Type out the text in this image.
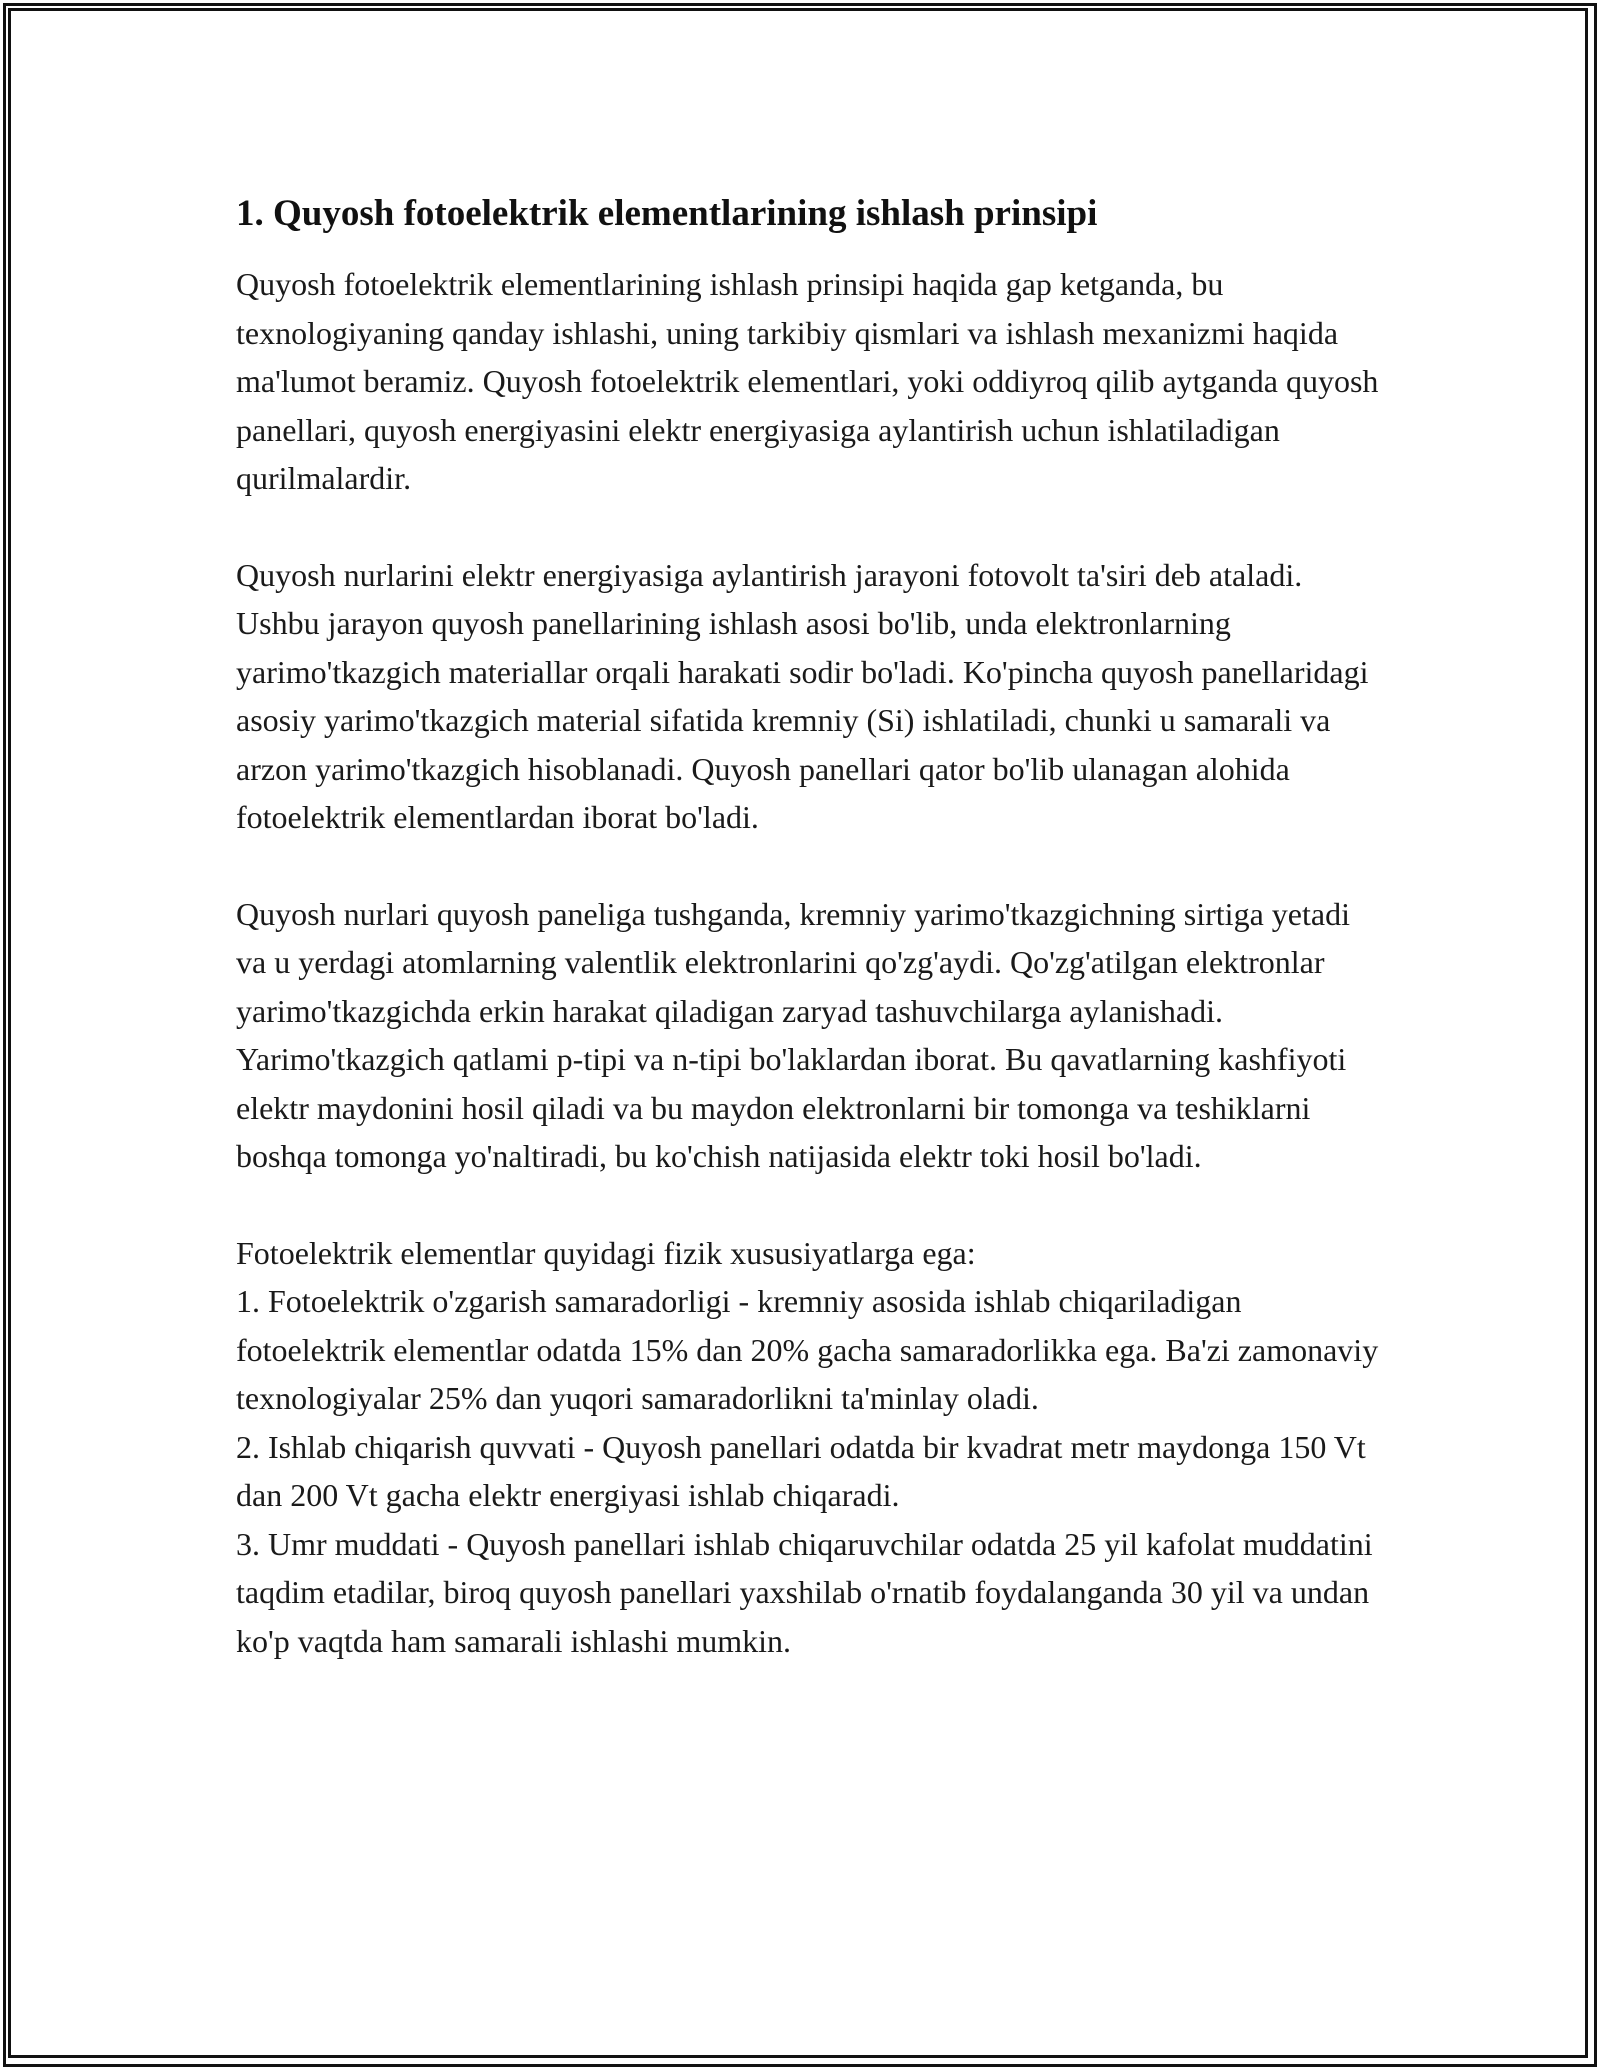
1. Quyosh fotoelektrik elementlarining ishlash prinsipi

Quyosh fotoelektrik elementlarining ishlash prinsipi haqida gap ketganda, bu texnologiyaning qanday ishlashi, uning tarkibiy qismlari va ishlash mexanizmi haqida ma'lumot beramiz. Quyosh fotoelektrik elementlari, yoki oddiyroq qilib aytganda quyosh panellari, quyosh energiyasini elektr energiyasiga aylantirish uchun ishlatiladigan qurilmalardir.

Quyosh nurlarini elektr energiyasiga aylantirish jarayoni fotovolt ta'siri deb ataladi. Ushbu jarayon quyosh panellarining ishlash asosi bo'lib, unda elektronlarning yarimo'tkazgich materiallar orqali harakati sodir bo'ladi. Ko'pincha quyosh panellaridagi asosiy yarimo'tkazgich material sifatida kremniy (Si) ishlatiladi, chunki u samarali va arzon yarimo'tkazgich hisoblanadi. Quyosh panellari qator bo'lib ulanagan alohida fotoelektrik elementlardan iborat bo'ladi.

Quyosh nurlari quyosh paneliga tushganda, kremniy yarimo'tkazgichning sirtiga yetadi va u yerdagi atomlarning valentlik elektronlarini qo'zg'aydi. Qo'zg'atilgan elektronlar yarimo'tkazgichda erkin harakat qiladigan zaryad tashuvchilarga aylanishadi. Yarimo'tkazgich qatlami p-tipi va n-tipi bo'laklardan iborat. Bu qavatlarning kashfiyoti elektr maydonini hosil qiladi va bu maydon elektronlarni bir tomonga va teshiklarni boshqa tomonga yo'naltiradi, bu ko'chish natijasida elektr toki hosil bo'ladi.

Fotoelektrik elementlar quyidagi fizik xususiyatlarga ega:
1. Fotoelektrik o'zgarish samaradorligi - kremniy asosida ishlab chiqariladigan fotoelektrik elementlar odatda 15% dan 20% gacha samaradorlikka ega. Ba'zi zamonaviy texnologiyalar 25% dan yuqori samaradorlikni ta'minlay oladi.
2. Ishlab chiqarish quvvati - Quyosh panellari odatda bir kvadrat metr maydonga 150 Vt dan 200 Vt gacha elektr energiyasi ishlab chiqaradi.
3. Umr muddati - Quyosh panellari ishlab chiqaruvchilar odatda 25 yil kafolat muddatini taqdim etadilar, biroq quyosh panellari yaxshilab o'rnatib foydalanganda 30 yil va undan ko'p vaqtda ham samarali ishlashi mumkin.
